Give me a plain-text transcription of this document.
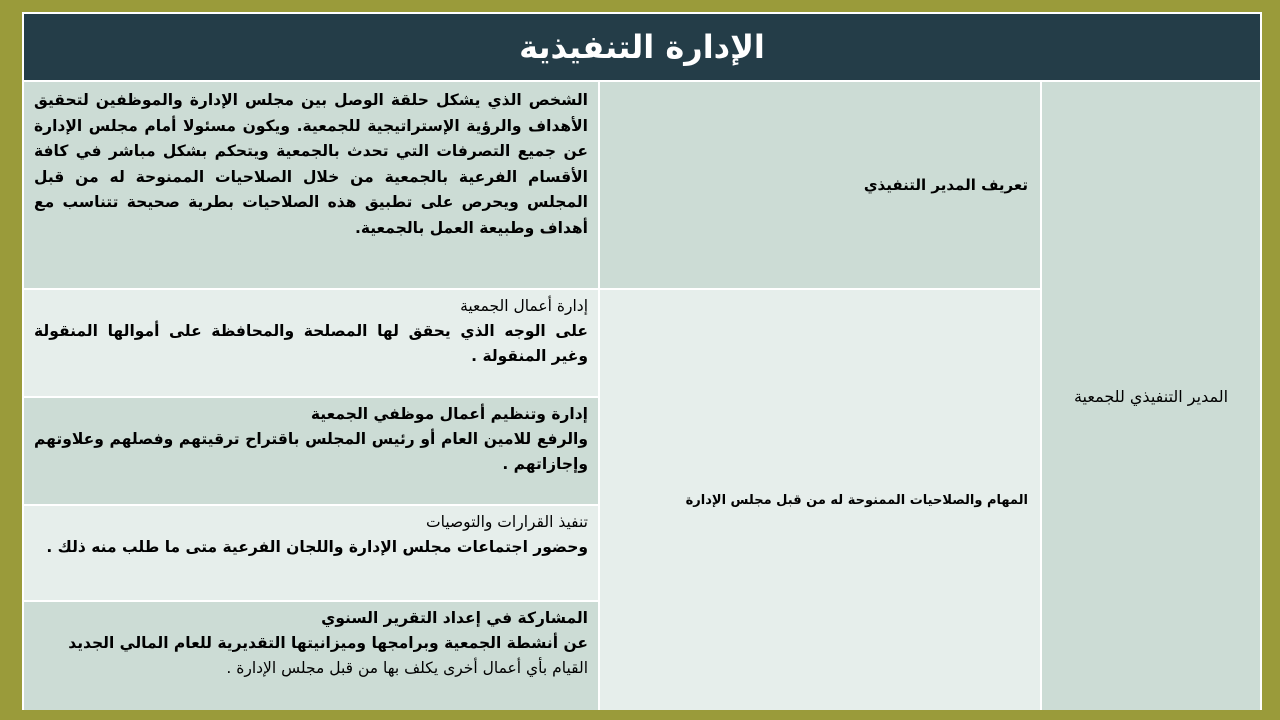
الإدارة التنفيذية
المدير التنفيذي للجمعية
تعريف المدير التنفيذي
الشخص الذي يشكل حلقة الوصل بين مجلس الإدارة والموظفين لتحقيق الأهداف والرؤية الإستراتيجية للجمعية. ويكون مسئولا أمام مجلس الإدارة عن جميع التصرفات التي تحدث بالجمعية ويتحكم بشكل مباشر في كافة الأقسام الفرعية بالجمعية من خلال الصلاحيات الممنوحة له من قبل المجلس ويحرص على تطبيق هذه الصلاحيات بطرية صحيحة تتناسب مع أهداف وطبيعة العمل بالجمعية.
المهام والصلاحيات الممنوحة له من قبل مجلس الإدارة
إدارة أعمال الجمعية
على الوجه الذي يحقق لها المصلحة والمحافظة على أموالها المنقولة وغير المنقولة .
إدارة وتنظيم أعمال موظفي الجمعية
والرفع للامين العام أو رئيس المجلس باقتراح ترقيتهم وفصلهم وعلاوتهم وإجازاتهم .
تنفيذ القرارات والتوصيات
وحضور اجتماعات مجلس الإدارة واللجان الفرعية متى ما طلب منه ذلك .
المشاركة في إعداد التقرير السنوي
عن أنشطة الجمعية وبرامجها وميزانيتها التقديرية للعام المالي الجديد
القيام بأي أعمال أخرى يكلف بها من قبل مجلس الإدارة .
